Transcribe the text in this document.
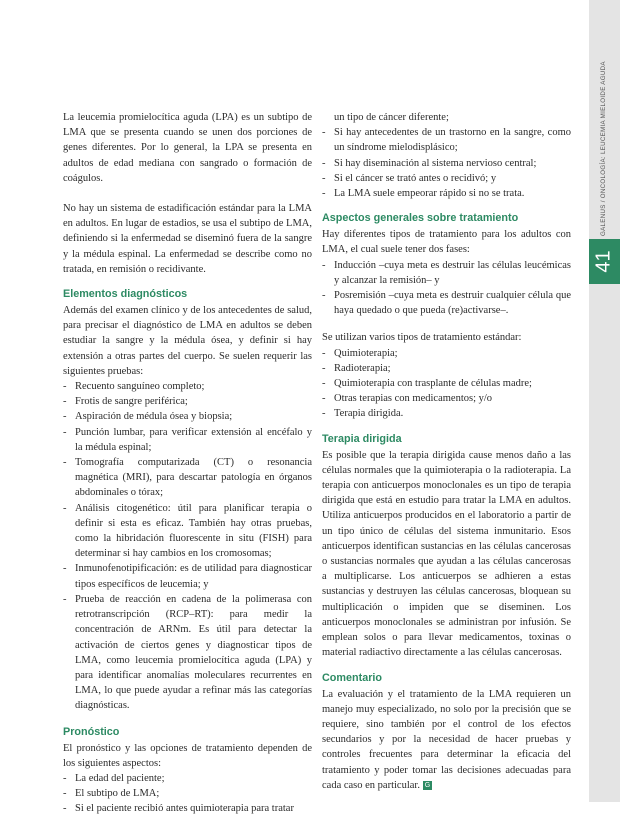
GALENUS / ONCOLOGÍA: LEUCEMIA MIELOIDE AGUDA
41

La leucemia promielocítica aguda (LPA) es un subtipo de LMA que se presenta cuando se unen dos porciones de genes diferentes. Por lo general, la LPA se presenta en adultos de edad mediana con sangrado o formación de coágulos.

No hay un sistema de estadificación estándar para la LMA en adultos. En lugar de estadios, se usa el subtipo de LMA, definiendo si la enfermedad se diseminó fuera de la sangre y la médula espinal. La enfermedad se describe como no tratada, en remisión o recidivante.

Elementos diagnósticos

Además del examen clínico y de los antecedentes de salud, para precisar el diagnóstico de LMA en adultos se deben estudiar la sangre y la médula ósea, y definir si hay extensión a otras partes del cuerpo. Se suelen requerir las siguientes pruebas:

- Recuento sanguíneo completo;
- Frotis de sangre periférica;
- Aspiración de médula ósea y biopsia;
- Punción lumbar, para verificar extensión al encéfalo y la médula espinal;
- Tomografía computarizada (CT) o resonancia magnética (MRI), para descartar patología en órganos abdominales o tórax;
- Análisis citogenético: útil para planificar terapia o definir si esta es eficaz. También hay otras pruebas, como la hibridación fluorescente in situ (FISH) para determinar si hay cambios en los cromosomas;
- Inmunofenotipificación: es de utilidad para diagnosticar tipos específicos de leucemia; y
- Prueba de reacción en cadena de la polimerasa con retrotranscripción (RCP–RT): para medir la concentración de ARNm. Es útil para detectar la activación de ciertos genes y diagnosticar tipos de LMA, como leucemia promielocítica aguda (LPA) y para identificar anomalías moleculares recurrentes en LMA, lo que puede ayudar a refinar más las categorías diagnósticas.
Pronóstico

El pronóstico y las opciones de tratamiento dependen de los siguientes aspectos:

- La edad del paciente;
- El subtipo de LMA;
- Si el paciente recibió antes quimioterapia para tratar

un tipo de cáncer diferente;

- Si hay antecedentes de un trastorno en la sangre, como un síndrome mielodisplásico;
- Si hay diseminación al sistema nervioso central;
- Si el cáncer se trató antes o recidivó; y
- La LMA suele empeorar rápido si no se trata.
Aspectos generales sobre tratamiento

Hay diferentes tipos de tratamiento para los adultos con LMA, el cual suele tener dos fases:

- Inducción –cuya meta es destruir las células leucémicas y alcanzar la remisión– y
- Posremisión –cuya meta es destruir cualquier célula que haya quedado o que pueda (re)activarse–.

Se utilizan varios tipos de tratamiento estándar:

- Quimioterapia;
- Radioterapia;
- Quimioterapia con trasplante de células madre;
- Otras terapias con medicamentos; y/o
- Terapia dirigida.
Terapia dirigida

Es posible que la terapia dirigida cause menos daño a las células normales que la quimioterapia o la radioterapia. La terapia con anticuerpos monoclonales es un tipo de terapia dirigida que está en estudio para tratar la LMA en adultos. Utiliza anticuerpos producidos en el laboratorio a partir de un tipo único de células del sistema inmunitario. Esos anticuerpos identifican sustancias en las células cancerosas o sustancias normales que ayudan a las células cancerosas a multiplicarse. Los anticuerpos se adhieren a estas sustancias y destruyen las células cancerosas, bloquean su multiplicación o impiden que se diseminen. Los anticuerpos monoclonales se administran por infusión. Se emplean solos o para llevar medicamentos, toxinas o material radiactivo directamente a las células cancerosas.

Comentario

La evaluación y el tratamiento de la LMA requieren un manejo muy especializado, no solo por la precisión que se requiere, sino también por el control de los efectos secundarios y por la necesidad de hacer pruebas y controles frecuentes para determinar la eficacia del tratamiento y poder tomar las decisiones adecuadas para cada caso en particular. G
